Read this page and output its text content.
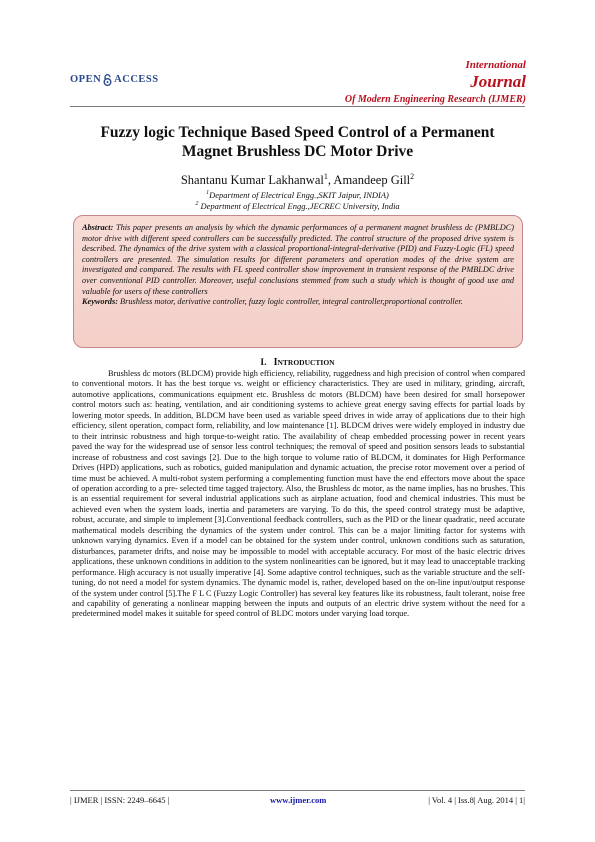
OPEN ACCESS
International
Journal
Of Modern Engineering Research (IJMER)
Fuzzy logic Technique Based Speed Control of a Permanent
Magnet Brushless DC Motor Drive
Shantanu Kumar Lakhanwal$^1$, Amandeep Gill$^2$
$^1$Department of Electrical Engg.,SKIT Jaipur, INDIA)
$^2$ Department of Electrical Engg.,JECREC University, India

Abstract: This paper presents an analysis by which the dynamic performances of a permanent magnet brushless dc (PMBLDC) motor drive with different speed controllers can be successfully predicted. The control structure of the proposed drive system is described. The dynamics of the drive system with a classical proportional-integral-derivative (PID) and Fuzzy-Logic (FL) speed controllers are presented. The simulation results for different parameters and operation modes of the drive system are investigated and compared. The results with FL speed controller show improvement in transient response of the PMBLDC drive over conventional PID controller. Moreover, useful conclusions stemmed from such a study which is thought of good use and valuable for users of these controllers

Keywords: Brushless motor, derivative controller, fuzzy logic controller, integral controller,proportional controller.

I. INTRODUCTION
Brushless dc motors (BLDCM) provide high efficiency, reliability, ruggedness and high precision of control when compared to conventional motors. It has the best torque vs. weight or efficiency characteristics. They are used in military, grinding, aircraft, automotive applications, communications equipment etc. Brushless dc motors (BLDCM) have been desired for small horsepower control motors such as: heating, ventilation, and air conditioning systems to achieve great energy saving effects for partial loads by lowering motor speeds. In addition, BLDCM have been used as variable speed drives in wide array of applications due to their high efficiency, silent operation, compact form, reliability, and low maintenance [1]. BLDCM drives were widely employed in industry due to their intrinsic robustness and high torque-to-weight ratio. The availability of cheap embedded processing power in recent years paved the way for the widespread use of sensor less control techniques; the removal of speed and position sensors leads to substantial increase of robustness and cost savings [2]. Due to the high torque to volume ratio of BLDCM, it dominates for High Performance Drives (HPD) applications, such as robotics, guided manipulation and dynamic actuation, the precise rotor movement over a period of time must be achieved. A multi-robot system performing a complementing function must have the end effectors move about the space of operation according to a pre- selected time tagged trajectory. Also, the Brushless dc motor, as the name implies, has no brushes. This is an essential requirement for several industrial applications such as airplane actuation, food and chemical industries. This must be achieved even when the system loads, inertia and parameters are varying. To do this, the speed control strategy must be adaptive, robust, accurate, and simple to implement [3].Conventional feedback controllers, such as the PID or the linear quadratic, need accurate mathematical models describing the dynamics of the system under control. This can be a major limiting factor for systems with unknown varying dynamics. Even if a model can be obtained for the system under control, unknown conditions such as saturation, disturbances, parameter drifts, and noise may be impossible to model with acceptable accuracy. For most of the basic electric drives applications, these unknown conditions in addition to the system nonlinearities can be ignored, but it may lead to unacceptable tracking performance. High accuracy is not usually imperative [4]. Some adaptive control techniques, such as the variable structure and the self-tuning, do not need a model for system dynamics. The dynamic model is, rather, developed based on the on-line input/output response of the system under control [5].The F L C (Fuzzy Logic Controller) has several key features like its robustness, fault tolerant, noise free and capability of generating a nonlinear mapping between the inputs and outputs of an electric drive system without the need for a predetermined model makes it suitable for speed control of BLDC motors under varying load torque.
| IJMER | ISSN: 2249–6645 |	www.ijmer.com	| Vol. 4 | Iss.8| Aug. 2014 | 1|
